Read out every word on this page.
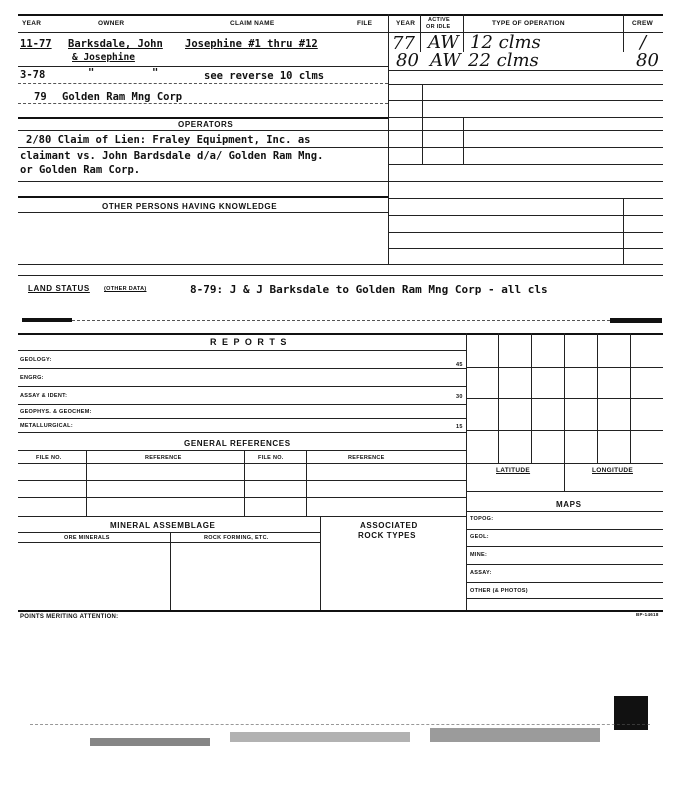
YEAR	OWNER	CLAIM NAME	FILE	YEAR ACTIVE
OR IDLE	TYPE OF OPERATION	CREW
11-77 Barksdale, John Josephine #1 thru #12
& Josephine
3-78	"	"	see reverse 10 clms
79 Golden Ram Mng Corp
77 AW 12 clms	/
80 AW 22 clms	80
OPERATORS
2/80 Claim of Lien: Fraley Equipment, Inc. as
claimant vs. John Bardsdale d/a/ Golden Ram Mng.
or Golden Ram Corp.
OTHER PERSONS HAVING KNOWLEDGE
LAND STATUS	(OTHER DATA)	8-79: J & J Barksdale to Golden Ram Mng Corp - all cls
R E P O R T S
GEOLOGY:
ENGRG:
ASSAY & IDENT:
GEOPHYS. & GEOCHEM:
METALLURGICAL:
45
30
15
GENERAL REFERENCES
FILE NO.	REFERENCE	FILE NO.	REFERENCE
MINERAL ASSEMBLAGE
ORE MINERALS	ROCK FORMING, ETC.
ASSOCIATED
ROCK TYPES
LATITUDE	LONGITUDE
MAPS
TOPOG:
GEOL:
MINE:
ASSAY:
OTHER (& PHOTOS)
POINTS MERITING ATTENTION:	BP-14618
